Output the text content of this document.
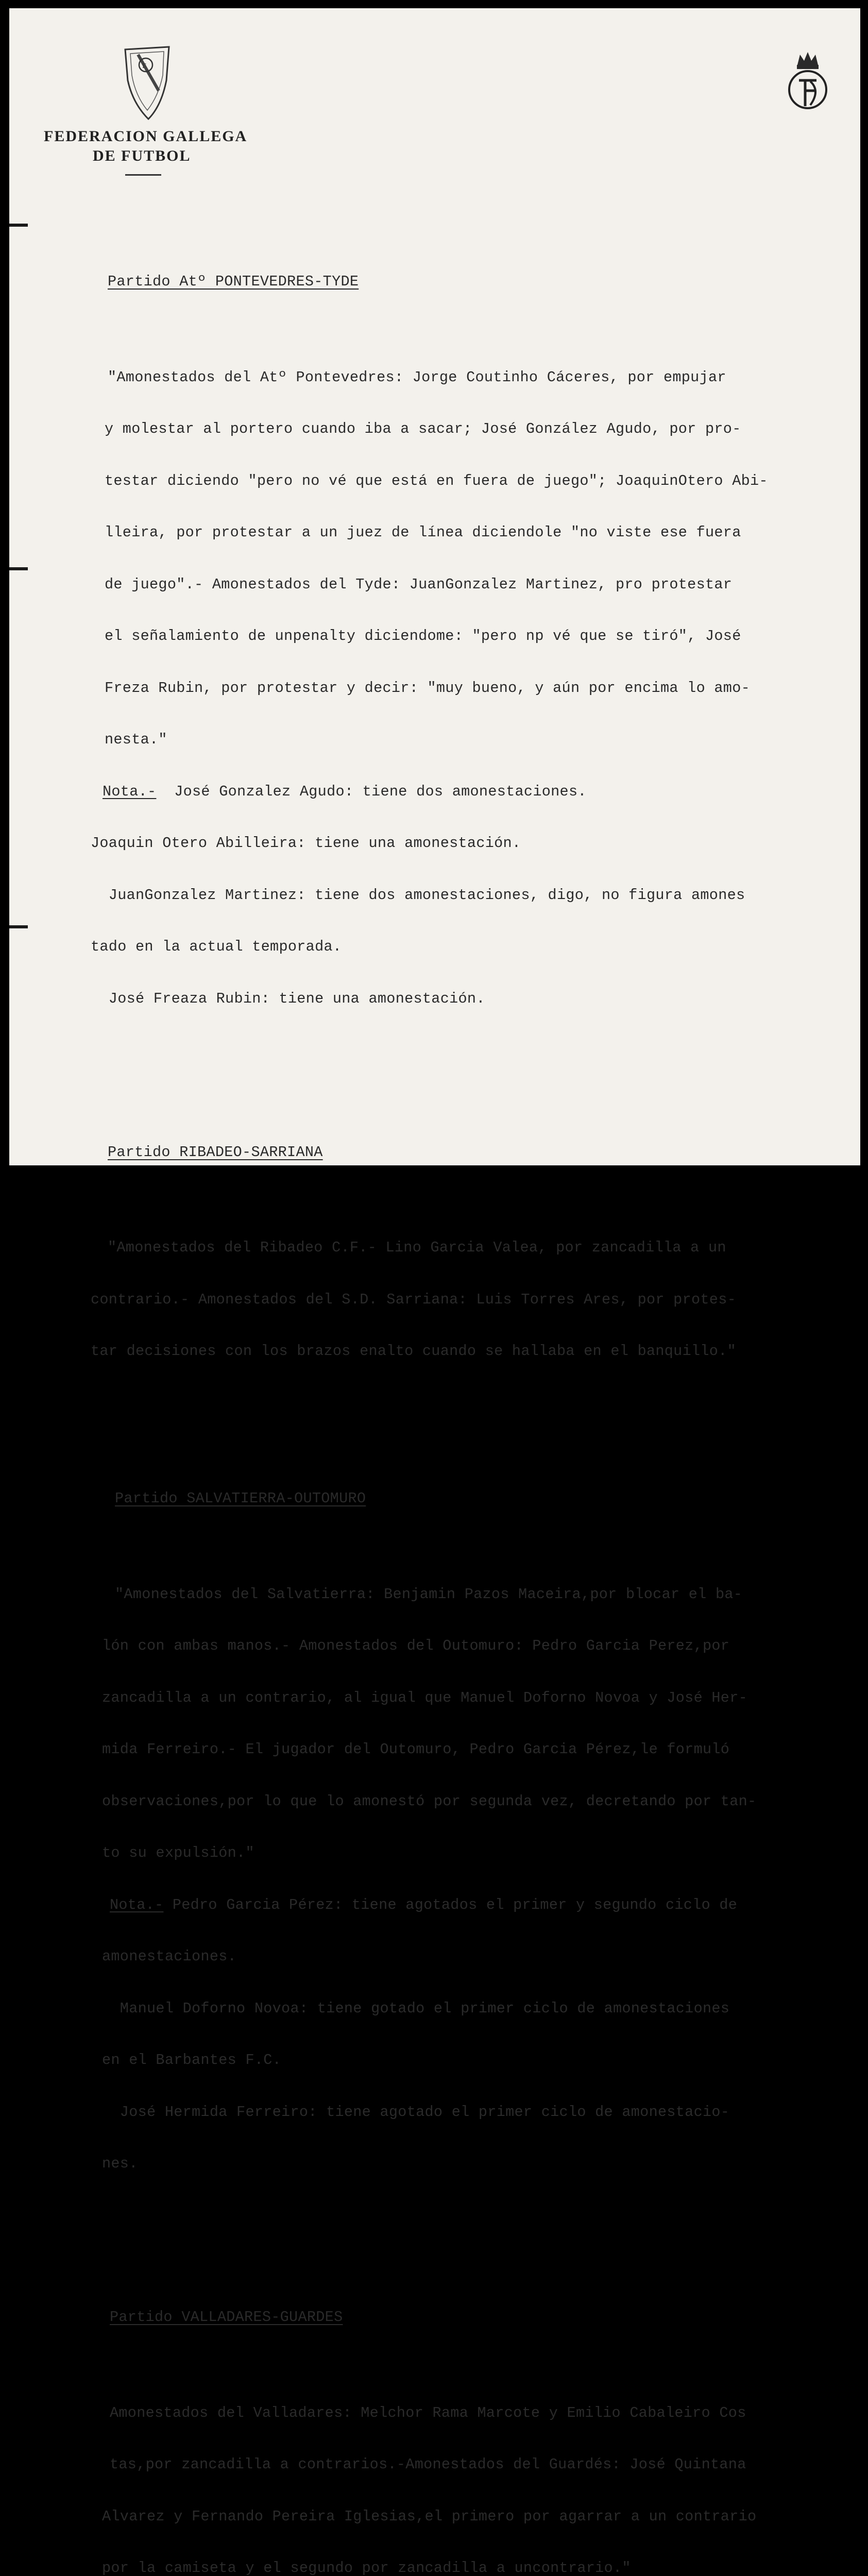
F
FEDERACION GALLEGA
DE FUTBOL

Partido Atº PONTEVEDRES-TYDE

"Amonestados del Atº Pontevedres: Jorge Coutinho Cáceres, por empujar

y molestar al portero cuando iba a sacar; José González Agudo, por pro-

testar diciendo "pero no vé que está en fuera de juego"; JoaquinOtero Abi-

lleira, por protestar a un juez de línea diciendole "no viste ese fuera

de juego".- Amonestados del Tyde: JuanGonzalez Martinez, pro protestar

el señalamiento de unpenalty diciendome: "pero np vé que se tiró", José

Freza Rubin, por protestar y decir: "muy bueno, y aún por encima lo amo-

nesta."

Nota.-  José Gonzalez Agudo: tiene dos amonestaciones.

Joaquin Otero Abilleira: tiene una amonestación.

JuanGonzalez Martinez: tiene dos amonestaciones, digo, no figura amones

tado en la actual temporada.

José Freaza Rubin: tiene una amonestación.

Partido RIBADEO-SARRIANA

"Amonestados del Ribadeo C.F.- Lino Garcia Valea, por zancadilla a un

contrario.- Amonestados del S.D. Sarriana: Luis Torres Ares, por protes-

tar decisiones con los brazos enalto cuando se hallaba en el banquillo."

Partido SALVATIERRA-OUTOMURO

"Amonestados del Salvatierra: Benjamin Pazos Maceira,por blocar el ba-

lón con ambas manos.- Amonestados del Outomuro: Pedro Garcia Perez,por

zancadilla a un contrario, al igual que Manuel Doforno Novoa y José Her-

mida Ferreiro.- El jugador del Outomuro, Pedro Garcia Pérez,le formuló

observaciones,por lo que lo amonestó por segunda vez, decretando por tan-

to su expulsión."

Nota.- Pedro Garcia Pérez: tiene agotados el primer y segundo ciclo de

amonestaciones.

Manuel Doforno Novoa: tiene gotado el primer ciclo de amonestaciones

en el Barbantes F.C.

José Hermida Ferreiro: tiene agotado el primer ciclo de amonestacio-

nes.

Partido VALLADARES-GUARDES

Amonestados del Valladares: Melchor Rama Marcote y Emilio Cabaleiro Cos

tas,por zancadilla a contrarios.-Amonestados del Guardés: José Quintana

Alvarez y Fernando Pereira Iglesias,el primero por agarrar a un contrario

por la camiseta y el segundo por zancadilla a uncontrario."
